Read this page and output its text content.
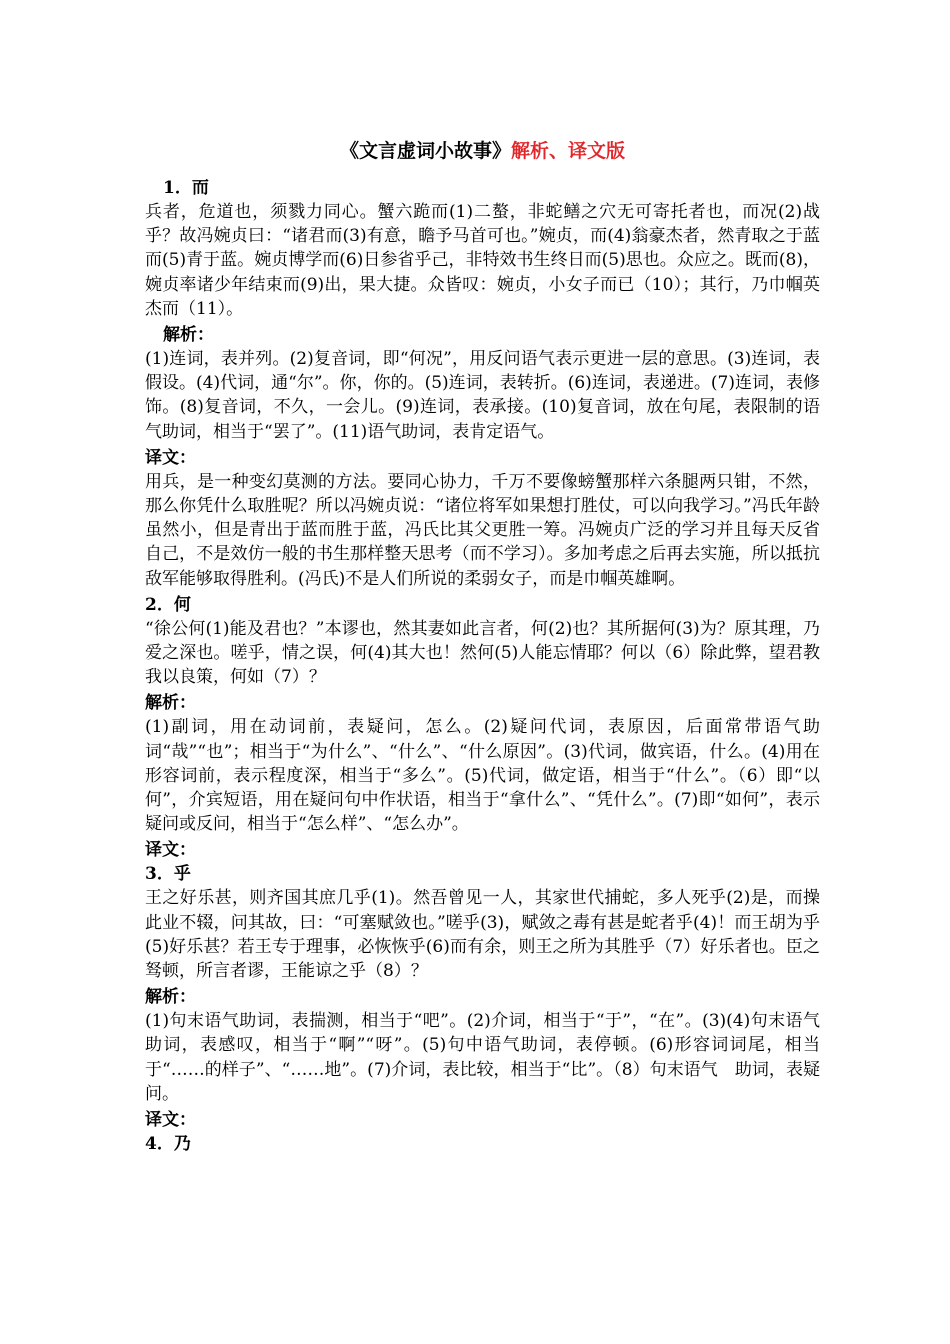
《文言虚词小故事》解析、译文版
1．而
兵者，危道也，须戮力同心。蟹六跪而(1)二螯，非蛇鳝之穴无可寄托者也，而况(2)战乎？故冯婉贞曰：“诸君而(3)有意，瞻予马首可也。”婉贞，而(4)翁豪杰者，然青取之于蓝而(5)青于蓝。婉贞博学而(6)日参省乎己，非特效书生终日而(5)思也。众应之。既而(8)，婉贞率诸少年结束而(9)出，果大捷。众皆叹：婉贞，小女子而已（10）；其行，乃巾帼英杰而（11）。
解析：
(1)连词，表并列。(2)复音词，即“何况”，用反问语气表示更进一层的意思。(3)连词，表假设。(4)代词，通“尔”。你，你的。(5)连词，表转折。(6)连词，表递进。(7)连词，表修饰。(8)复音词，不久，一会儿。(9)连词，表承接。(10)复音词，放在句尾，表限制的语气助词，相当于“罢了”。(11)语气助词，表肯定语气。
译文：
用兵，是一种变幻莫测的方法。要同心协力，千万不要像螃蟹那样六条腿两只钳，不然，那么你凭什么取胜呢？所以冯婉贞说：“诸位将军如果想打胜仗，可以向我学习。”冯氏年龄虽然小，但是青出于蓝而胜于蓝，冯氏比其父更胜一筹。冯婉贞广泛的学习并且每天反省自己，不是效仿一般的书生那样整天思考（而不学习）。多加考虑之后再去实施，所以抵抗敌军能够取得胜利。(冯氏)不是人们所说的柔弱女子，而是巾帼英雄啊。
2．何
“徐公何(1)能及君也？”本谬也，然其妻如此言者，何(2)也？其所据何(3)为？原其理，乃爱之深也。嗟乎，情之误，何(4)其大也！然何(5)人能忘情耶？何以（6）除此弊，望君教我以良策，何如（7）？
解析：
(1)副词，用在动词前，表疑问，怎么。(2)疑问代词，表原因，后面常带语气助词“哉”“也”；相当于“为什么”、“什么”、“什么原因”。(3)代词，做宾语，什么。(4)用在形容词前，表示程度深，相当于“多么”。(5)代词，做定语，相当于“什么”。（6）即“以何”，介宾短语，用在疑问句中作状语，相当于“拿什么”、“凭什么”。(7)即“如何”，表示疑问或反问，相当于“怎么样”、“怎么办”。
译文：
3．乎
王之好乐甚，则齐国其庶几乎(1)。然吾曾见一人，其家世代捕蛇，多人死乎(2)是，而操此业不辍，问其故，曰：“可塞赋敛也。”嗟乎(3)，赋敛之毒有甚是蛇者乎(4)！而王胡为乎(5)好乐甚？若王专于理事，必恢恢乎(6)而有余，则王之所为其胜乎（7）好乐者也。臣之驽顿，所言者谬，王能谅之乎（8）？
解析：
(1)句末语气助词，表揣测，相当于“吧”。(2)介词，相当于“于”，“在”。(3)(4)句末语气助词，表感叹，相当于“啊”“呀”。(5)句中语气助词，表停顿。(6)形容词词尾，相当于“……的样子”、“……地”。(7)介词，表比较，相当于“比”。（8）句末语气　助词，表疑问。
译文：
4．乃
